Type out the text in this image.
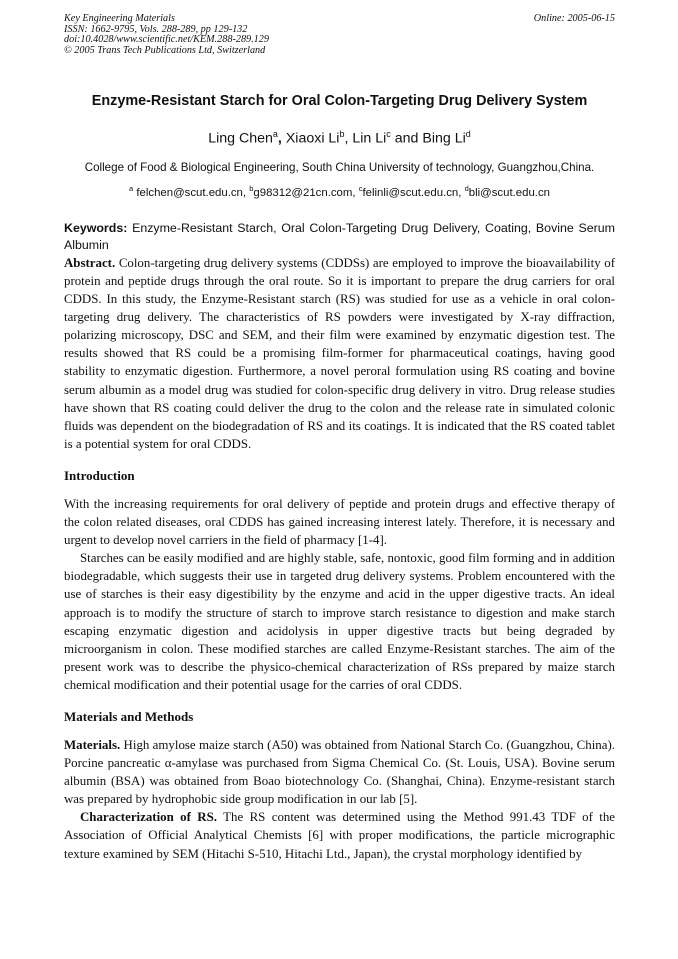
Key Engineering Materials
ISSN: 1662-9795, Vols. 288-289, pp 129-132
doi:10.4028/www.scientific.net/KEM.288-289.129
© 2005 Trans Tech Publications Ltd, Switzerland
Online: 2005-06-15
Enzyme-Resistant Starch for Oral Colon-Targeting Drug Delivery System
Ling Chen$^a$, Xiaoxi Li$^b$, Lin Li$^c$ and Bing Li$^d$
College of Food & Biological Engineering, South China University of technology, Guangzhou,China.
$^a$ felchen@scut.edu.cn, $^b$g98312@21cn.com, $^c$felinli@scut.edu.cn, $^d$bli@scut.edu.cn
Keywords: Enzyme-Resistant Starch, Oral Colon-Targeting Drug Delivery, Coating, Bovine Serum Albumin

Abstract. Colon-targeting drug delivery systems (CDDSs) are employed to improve the bioavailability of protein and peptide drugs through the oral route. So it is important to prepare the drug carriers for oral CDDS. In this study, the Enzyme-Resistant starch (RS) was studied for use as a vehicle in oral colon-targeting drug delivery. The characteristics of RS powders were investigated by X-ray diffraction, polarizing microscopy, DSC and SEM, and their film were examined by enzymatic digestion test. The results showed that RS could be a promising film-former for pharmaceutical coatings, having good stability to enzymatic digestion. Furthermore, a novel peroral formulation using RS coating and bovine serum albumin as a model drug was studied for colon-specific drug delivery in vitro. Drug release studies have shown that RS coating could deliver the drug to the colon and the release rate in simulated colonic fluids was dependent on the biodegradation of RS and its coatings. It is indicated that the RS coated tablet is a potential system for oral CDDS.

Introduction

With the increasing requirements for oral delivery of peptide and protein drugs and effective therapy of the colon related diseases, oral CDDS has gained increasing interest lately. Therefore, it is necessary and urgent to develop novel carriers in the field of pharmacy [1-4].

Starches can be easily modified and are highly stable, safe, nontoxic, good film forming and in addition biodegradable, which suggests their use in targeted drug delivery systems. Problem encountered with the use of starches is their easy digestibility by the enzyme and acid in the upper digestive tracts. An ideal approach is to modify the structure of starch to improve starch resistance to digestion and make starch escaping enzymatic digestion and acidolysis in upper digestive tracts but being degraded by microorganism in colon. These modified starches are called Enzyme-Resistant starches. The aim of the present work was to describe the physico-chemical characterization of RSs prepared by maize starch chemical modification and their potential usage for the carries of oral CDDS.

Materials and Methods

Materials. High amylose maize starch (A50) was obtained from National Starch Co. (Guangzhou, China). Porcine pancreatic α-amylase was purchased from Sigma Chemical Co. (St. Louis, USA). Bovine serum albumin (BSA) was obtained from Boao biotechnology Co. (Shanghai, China). Enzyme-resistant starch was prepared by hydrophobic side group modification in our lab [5].

Characterization of RS. The RS content was determined using the Method 991.43 TDF of the Association of Official Analytical Chemists [6] with proper modifications, the particle micrographic texture examined by SEM (Hitachi S-510, Hitachi Ltd., Japan), the crystal morphology identified by
